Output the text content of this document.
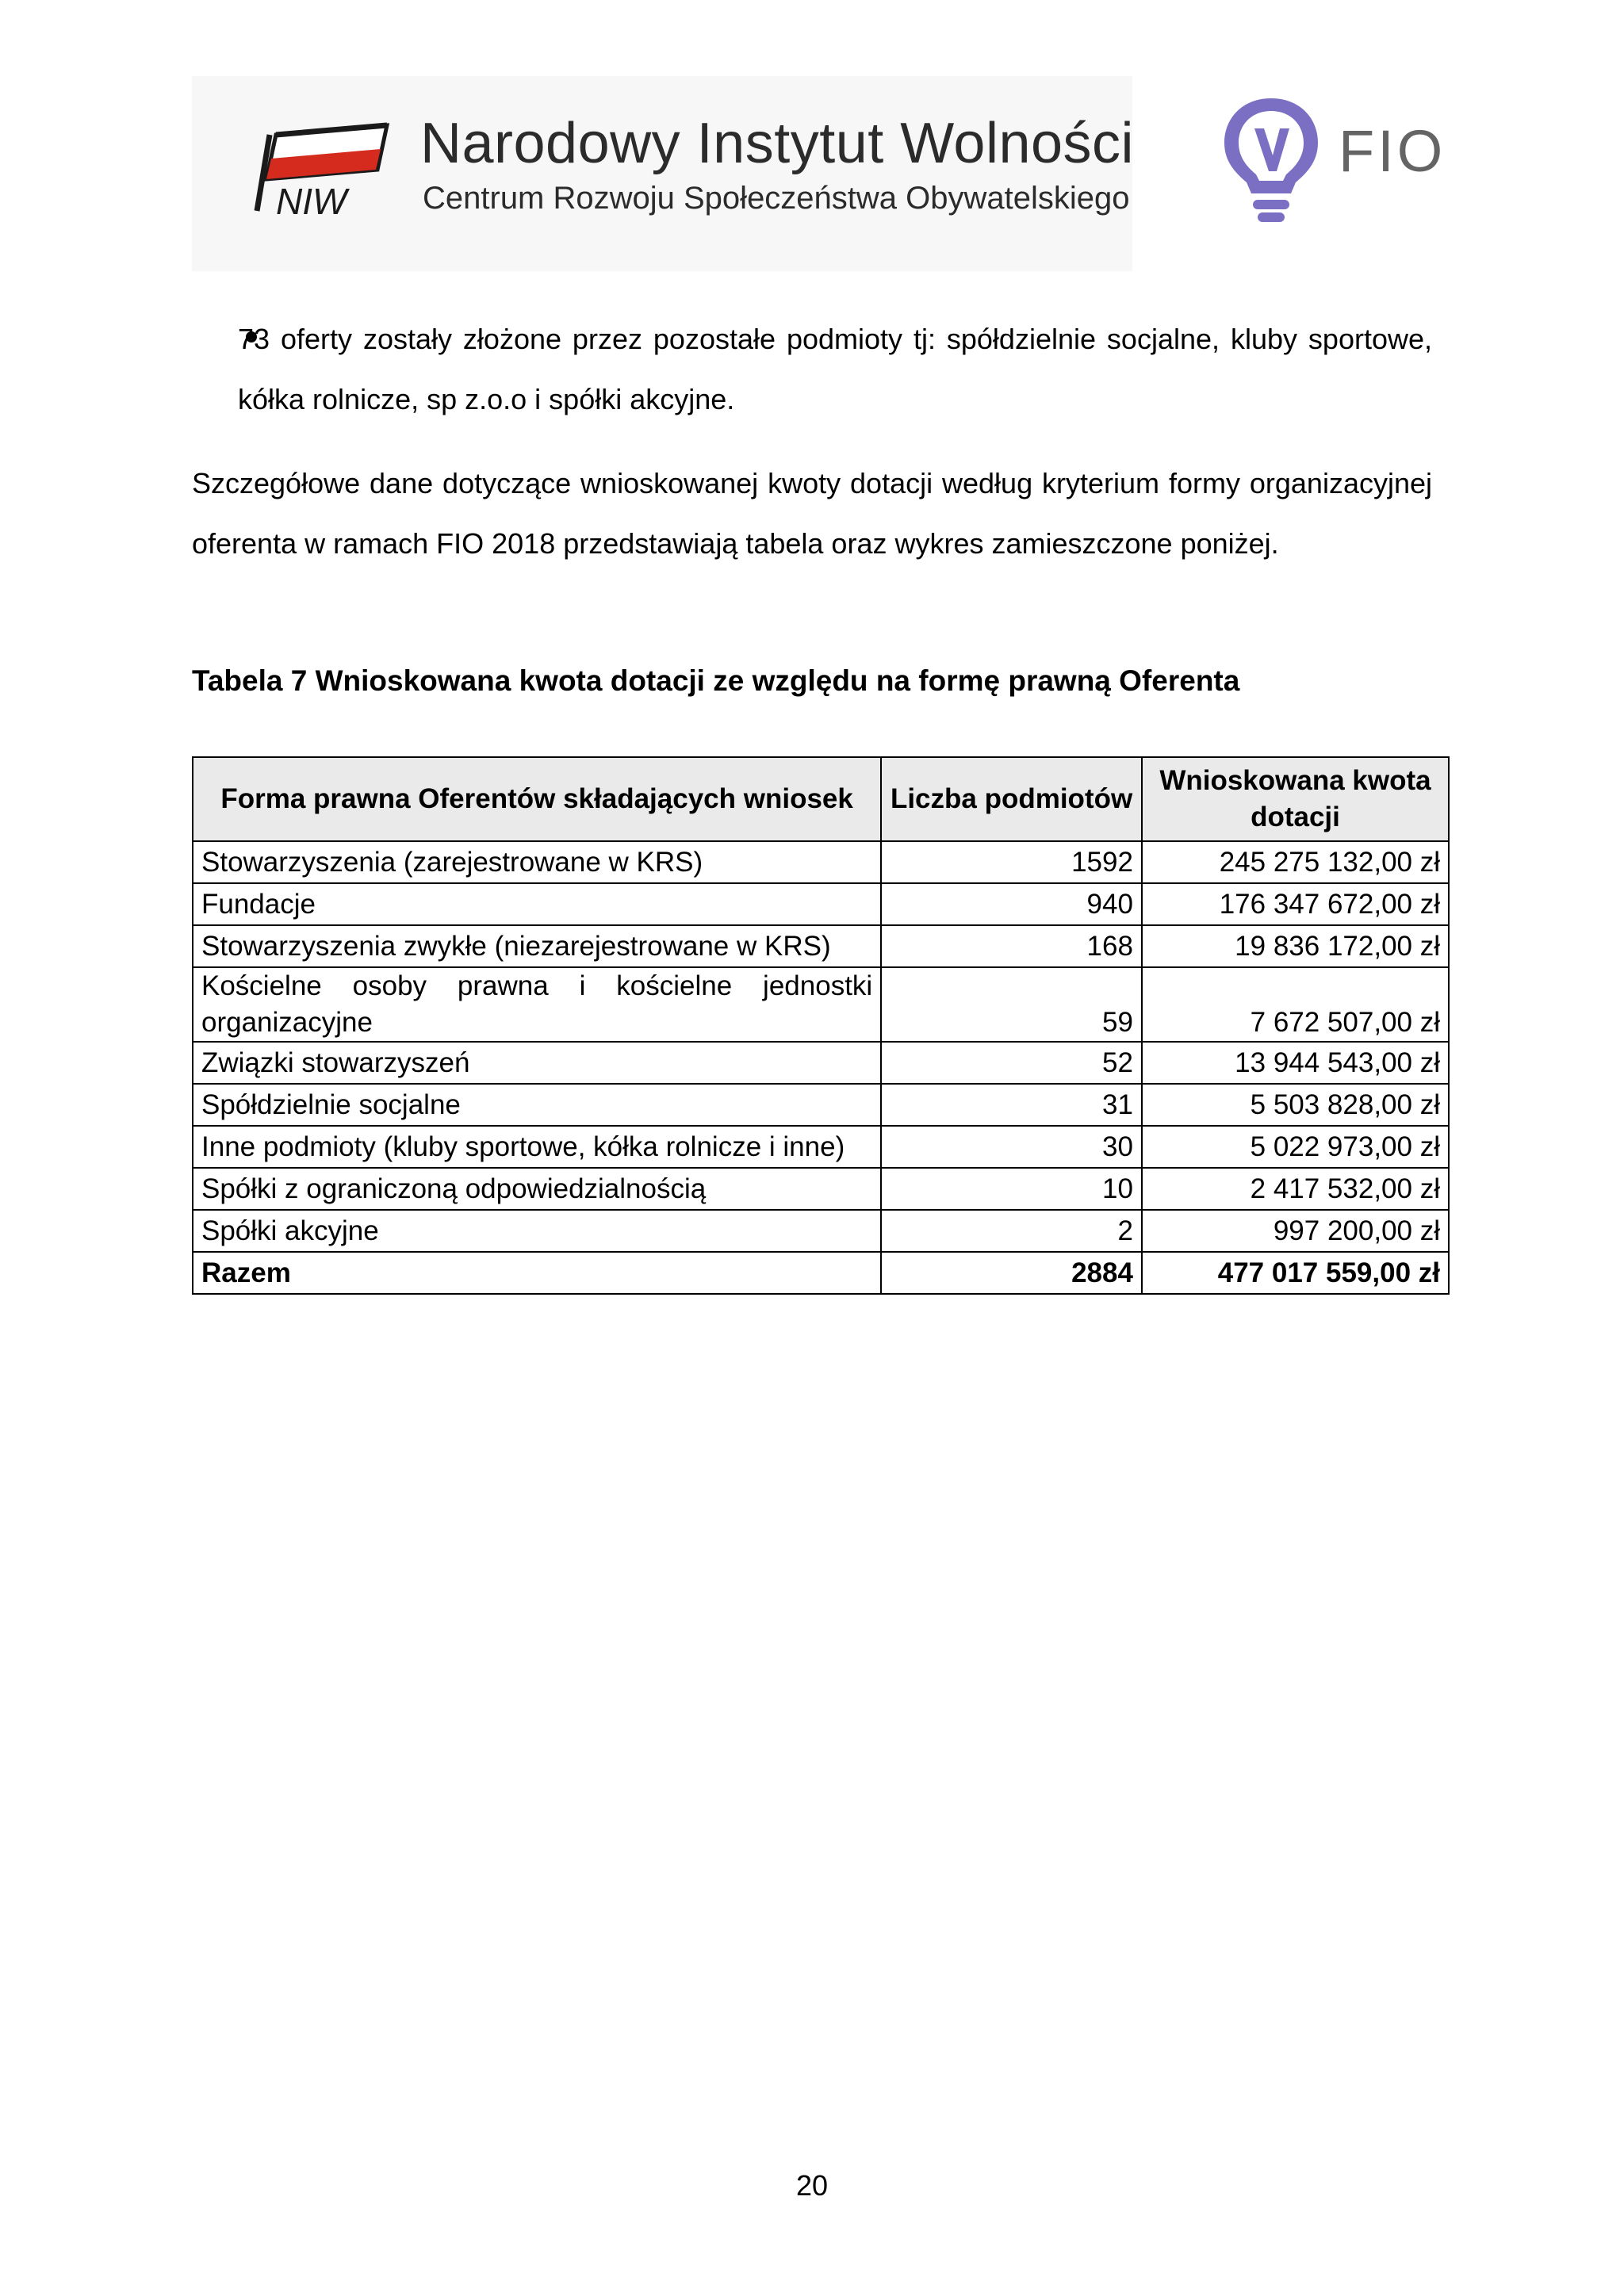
NIW
Narodowy Instytut Wolności
Centrum Rozwoju Społeczeństwa Obywatelskiego
FIO

73 oferty zostały złożone przez pozostałe podmioty tj: spółdzielnie socjalne, kluby sportowe, kółka rolnicze, sp z.o.o i spółki akcyjne.

Szczegółowe dane dotyczące wnioskowanej kwoty dotacji według kryterium formy organizacyjnej oferenta w ramach FIO 2018 przedstawiają tabela oraz wykres zamieszczone poniżej.

Tabela 7 Wnioskowana kwota dotacji ze względu na formę prawną Oferenta
Forma prawna Oferentów składających wniosek	Liczba podmiotów	Wnioskowana kwota dotacji
Stowarzyszenia (zarejestrowane w KRS)	1592	245 275 132,00 zł
Fundacje	940	176 347 672,00 zł
Stowarzyszenia zwykłe (niezarejestrowane w KRS)	168	19 836 172,00 zł

Kościelne osoby prawna i kościelne jednostki
organizacyjne	59	7 672 507,00 zł
Związki stowarzyszeń	52	13 944 543,00 zł
Spółdzielnie socjalne	31	5 503 828,00 zł
Inne podmioty (kluby sportowe, kółka rolnicze i inne)	30	5 022 973,00 zł
Spółki z ograniczoną odpowiedzialnością	10	2 417 532,00 zł
Spółki akcyjne	2	997 200,00 zł
Razem	2884	477 017 559,00 zł
20
